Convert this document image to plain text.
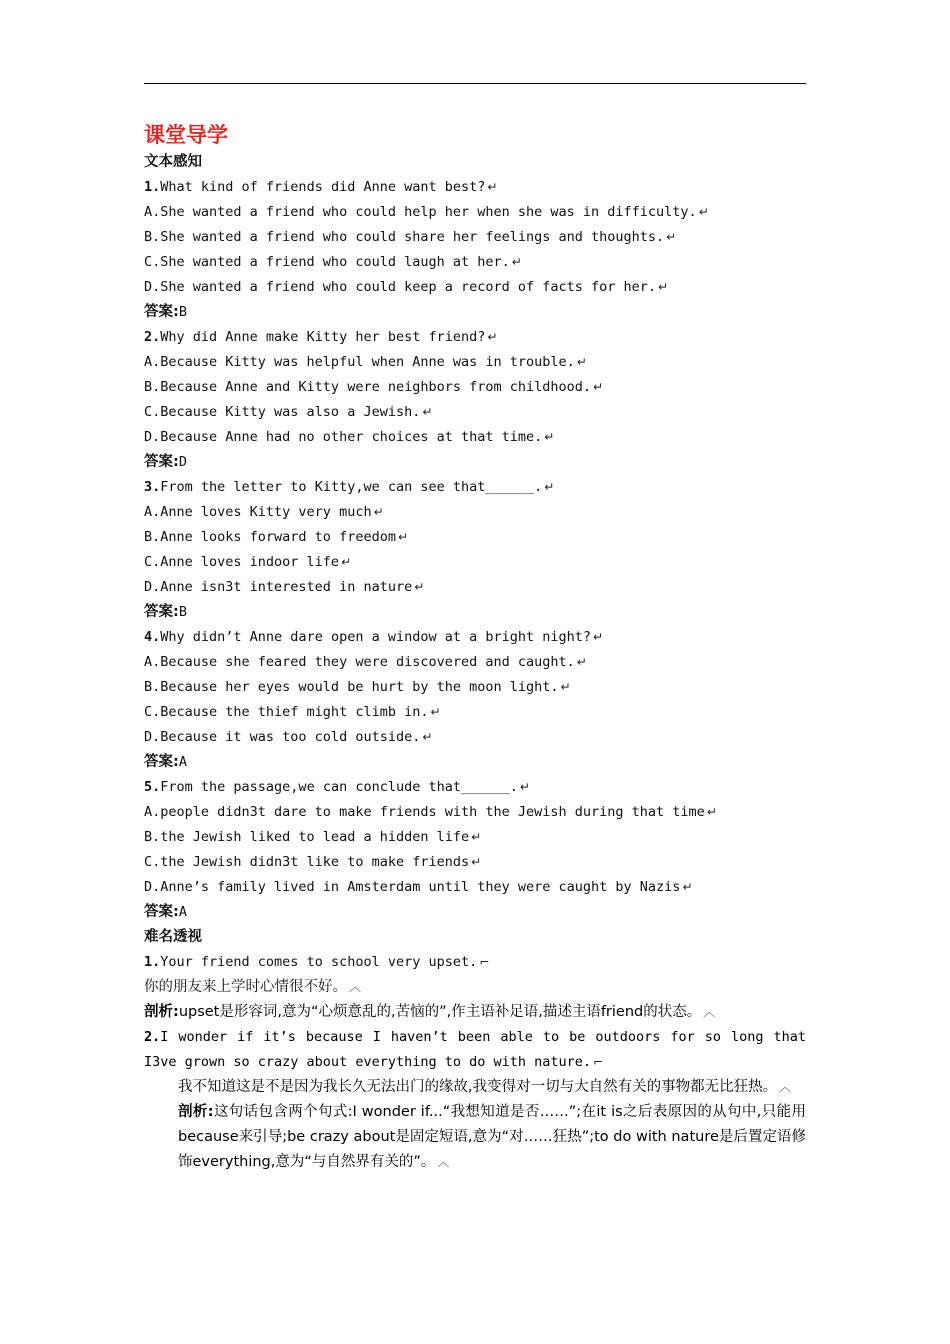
课堂导学
文本感知
1.What kind of friends did Anne want best? ↵
A.She wanted a friend who could help her when she was in difficulty. ↵
B.She wanted a friend who could share her feelings and thoughts. ↵
C.She wanted a friend who could laugh at her. ↵
D.She wanted a friend who could keep a record of facts for her. ↵
答案:B
2.Why did Anne make Kitty her best friend? ↵
A.Because Kitty was helpful when Anne was in trouble. ↵
B.Because Anne and Kitty were neighbors from childhood. ↵
C.Because Kitty was also a Jewish. ↵
D.Because Anne had no other choices at that time. ↵
答案:D
3.From the letter to Kitty,we can see that______. ↵
A.Anne loves Kitty very much ↵
B.Anne looks forward to freedom ↵
C.Anne loves indoor life ↵
D.Anne isn3t interested in nature ↵
答案:B
4.Why didn’t Anne dare open a window at a bright night? ↵
A.Because she feared they were discovered and caught. ↵
B.Because her eyes would be hurt by the moon light. ↵
C.Because the thief might climb in. ↵
D.Because it was too cold outside. ↵
答案:A
5.From the passage,we can conclude that______. ↵
A.people didn3t dare to make friends with the Jewish during that time ↵
B.the Jewish liked to lead a hidden life ↵
C.the Jewish didn3t like to make friends ↵
D.Anne’s family lived in Amsterdam until they were caught by Nazis ↵
答案:A
难名透视
1.Your friend comes to school very upset. ⌐
你的朋友来上学时心情很不好。 ︿
剖析:upset是形容词,意为“心烦意乱的,苦恼的”,作主语补足语,描述主语friend的状态。 ︿
2.I wonder if it’s because I haven’t been able to be outdoors for so long that I3ve grown so crazy about everything to do with nature. ⌐
我不知道这是不是因为我长久无法出门的缘故,我变得对一切与大自然有关的事物都无比狂热。 ︿
剖析:这句话包含两个句式:I wonder if...“我想知道是否……”;在it is之后表原因的从句中,只能用because来引导;be crazy about是固定短语,意为“对……狂热”;to do with nature是后置定语修饰everything,意为“与自然界有关的”。 ︿
